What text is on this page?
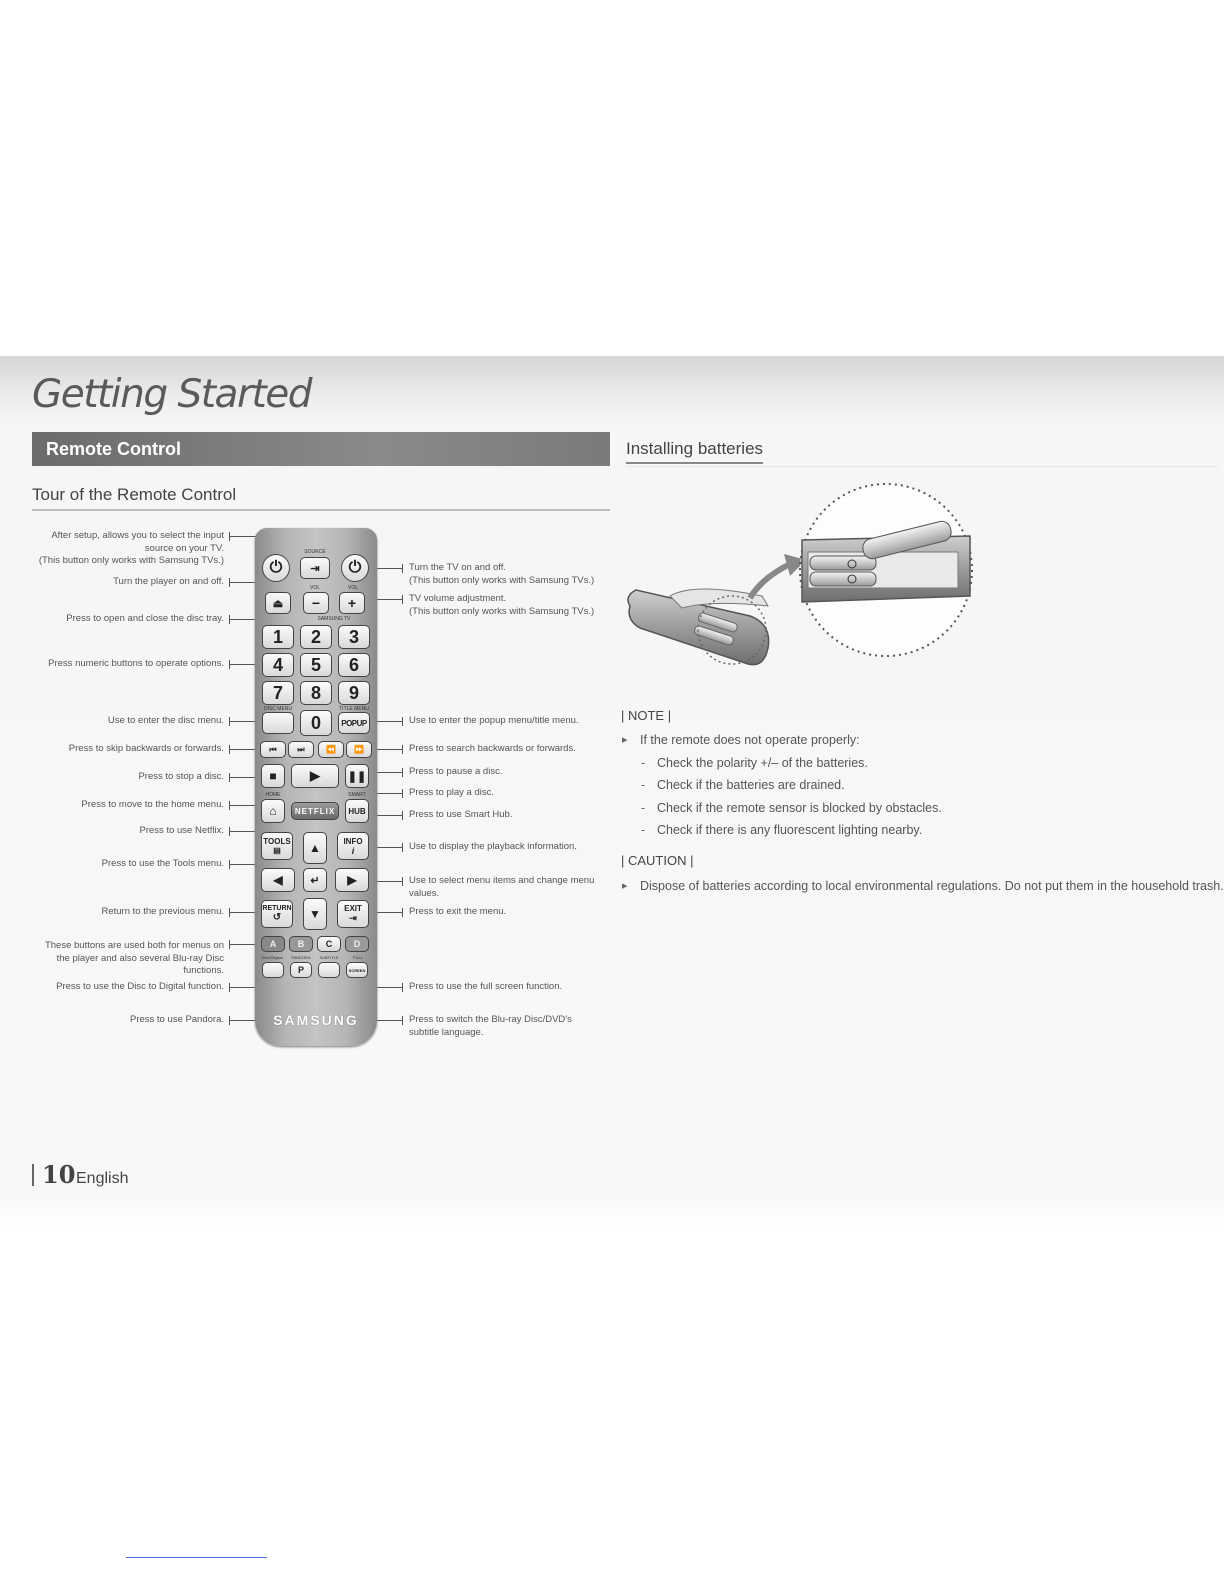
Getting Started
Remote Control
Tour of the Remote Control
Installing batteries
After setup, allows you to select the input source on your TV.
(This button only works with Samsung TVs.)
Turn the player on and off.
Press to open and close the disc tray.
Press numeric buttons to operate options.
Use to enter the disc menu.
Press to skip backwards or forwards.
Press to stop a disc.
Press to move to the home menu.
Press to use Netflix.
Press to use the Tools menu.
Return to the previous menu.
These buttons are used both for menus on the player and also several Blu-ray Disc functions.
Press to use the Disc to Digital function.
Press to use Pandora.
Turn the TV on and off.
(This button only works with Samsung TVs.)
TV volume adjustment.
(This button only works with Samsung TVs.)
Use to enter the popup menu/title menu.
Press to search backwards or forwards.
Press to pause a disc.
Press to play a disc.
Press to use Smart Hub.
Use to display the playback information.
Use to select menu items and change menu values.
Press to exit the menu.
Press to use the full screen function.
Press to switch the Blu-ray Disc/DVD's subtitle language.
SOURCE
⏻	⇥ ⏻
VOL	VOL
⏏	−	+
SAMSUNG TV
1	2	3
4	5	6
7	8	9
DISC MENU	TITLE MENU
0	POPUP
⏮	⏭	⏪ ⏩
■	▶	❚❚
HOME	SMART
⌂	NETFLIX	HUB
TOOLS
▤ ▲	INFO
i
◀	↵ ▶
RETURN
↺ ▼	EXIT
⇥
A	B	C	D
Disc2Digital	PANDORA	SUBTITLE	FULL
P	SCREEN
SAMSUNG
| NOTE |
▸ If the remote does not operate properly:
- Check the polarity +/– of the batteries.
- Check if the batteries are drained.
- Check if the remote sensor is blocked by obstacles.
- Check if there is any fluorescent lighting nearby.
| CAUTION |
▸ Dispose of batteries according to local environmental regulations. Do not put them in the household trash.
10 English
